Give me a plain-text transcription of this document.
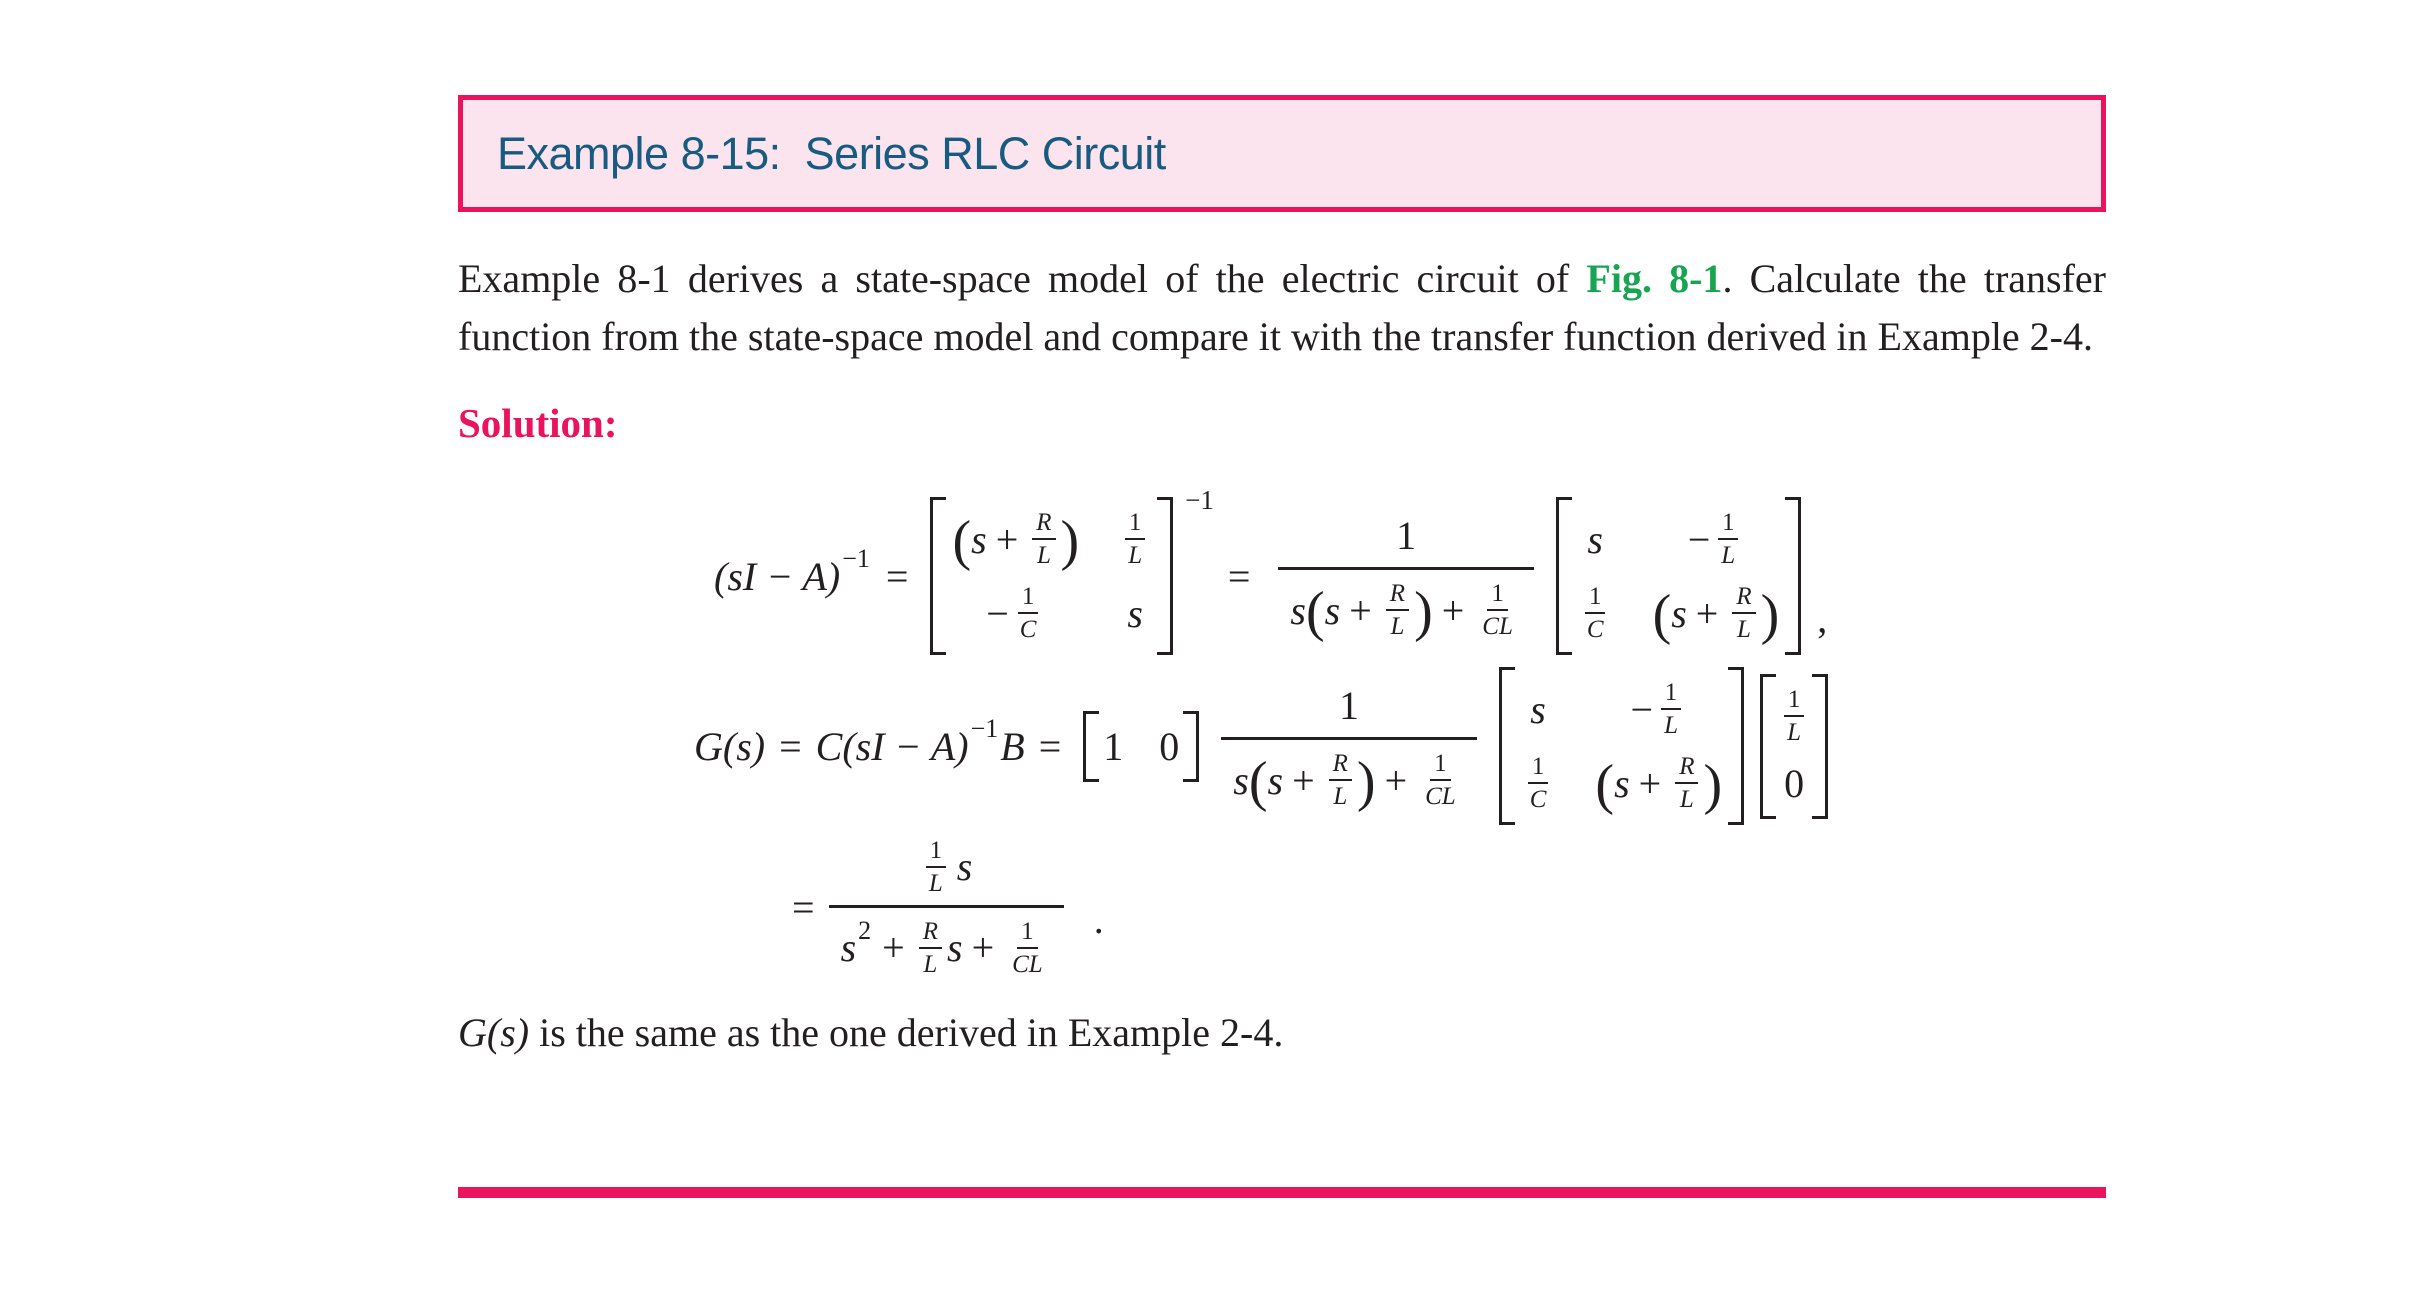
Example 8-15:  Series RLC Circuit

Example 8-1 derives a state-space model of the electric circuit of Fig. 8-1. Calculate the transfer function from the state-space model and compare it with the transfer function derived in Example 2-4.

Solution:

(sI − A) −1 =
( $s + \frac{R}{L}$ ) $\frac{1}{L}$
− $\frac{1}{C}$ s
−1
=
1
s ( $s + \frac{R}{L}$ ) + $\frac{1}{CL}$
$s - \frac{1}{L}$
$\frac{1}{C}$ ( $s + \frac{R}{L}$ ) ,
G(s) = C (sI − A) −1 B = 1 0
1
s ( $s + \frac{R}{L}$ ) + $\frac{1}{CL}$
$s - \frac{1}{L}$
$\frac{1}{C}$ ( $s + \frac{R}{L}$ )
$\frac{1}{L}$
0
=
$\frac{1}{L}$ s
s $2 + \frac{R}{L}$ $s + \frac{1}{CL}$ .

G(s) is the same as the one derived in Example 2-4.
